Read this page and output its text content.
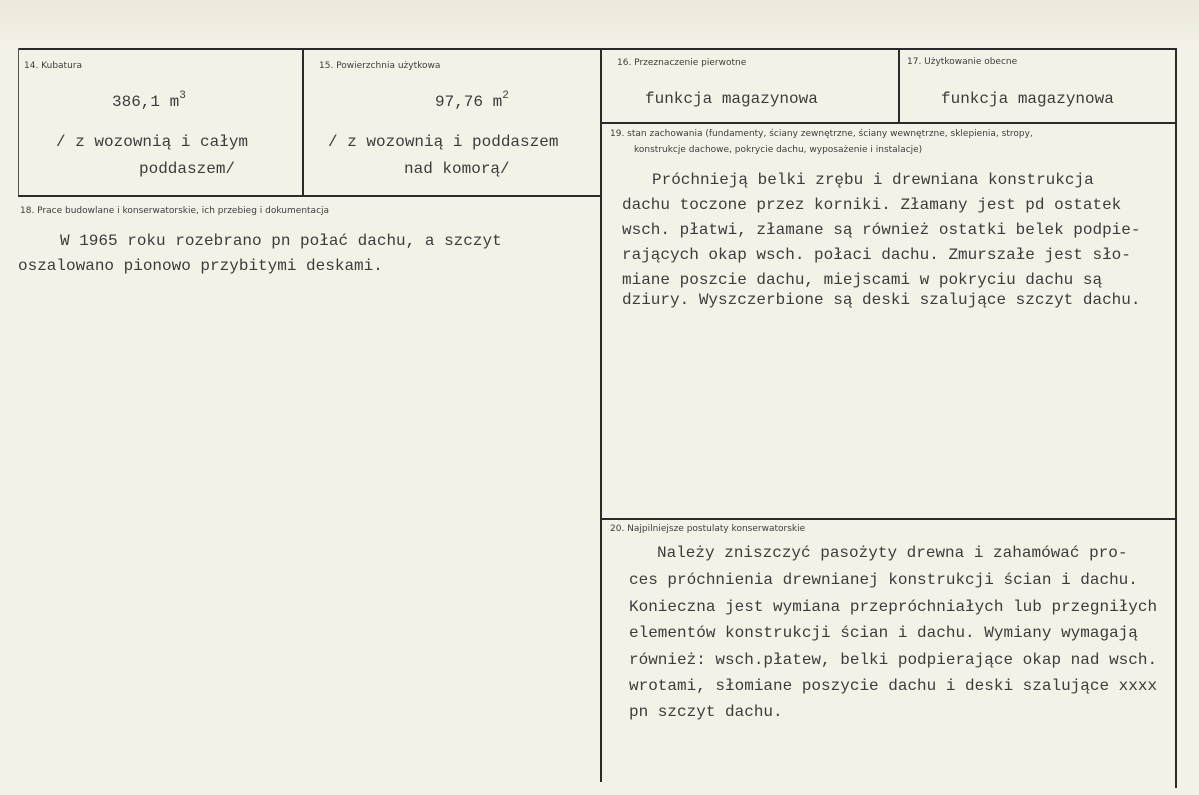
14. Kubatura
386,1 $m^3$
/ z wozownią i całym
poddaszem/
15. Powierzchnia użytkowa
97,76 $m^2$
/ z wozownią i poddaszem
nad komorą/
16. Przeznaczenie pierwotne
funkcja magazynowa
17. Użytkowanie obecne
funkcja magazynowa
18. Prace budowlane i konserwatorskie, ich przebieg i dokumentacja
W 1965 roku rozebrano pn połać dachu, a szczyt
oszalowano pionowo przybitymi deskami.
19. stan zachowania (fundamenty, ściany zewnętrzne, ściany wewnętrzne, sklepienia, stropy,
konstrukcje dachowe, pokrycie dachu, wyposażenie i instalacje)
Próchnieją belki zrębu i drewniana konstrukcja
dachu toczone przez korniki. Złamany jest pd ostatek
wsch. płatwi, złamane są również ostatki belek podpie-
rających okap wsch. połaci dachu. Zmurszałe jest sło-
miane poszcie dachu, miejscami w pokryciu dachu są
dziury. Wyszczerbione są deski szalujące szczyt dachu.
20. Najpilniejsze postulaty konserwatorskie
Należy zniszczyć pasożyty drewna i zahamówać pro-
ces próchnienia drewnianej konstrukcji ścian i dachu.
Konieczna jest wymiana przepróchniałych lub przegniłych
elementów konstrukcji ścian i dachu. Wymiany wymagają
również: wsch.płatew, belki podpierające okap nad wsch.
wrotami, słomiane poszycie dachu i deski szalujące xxxx
pn szczyt dachu.
